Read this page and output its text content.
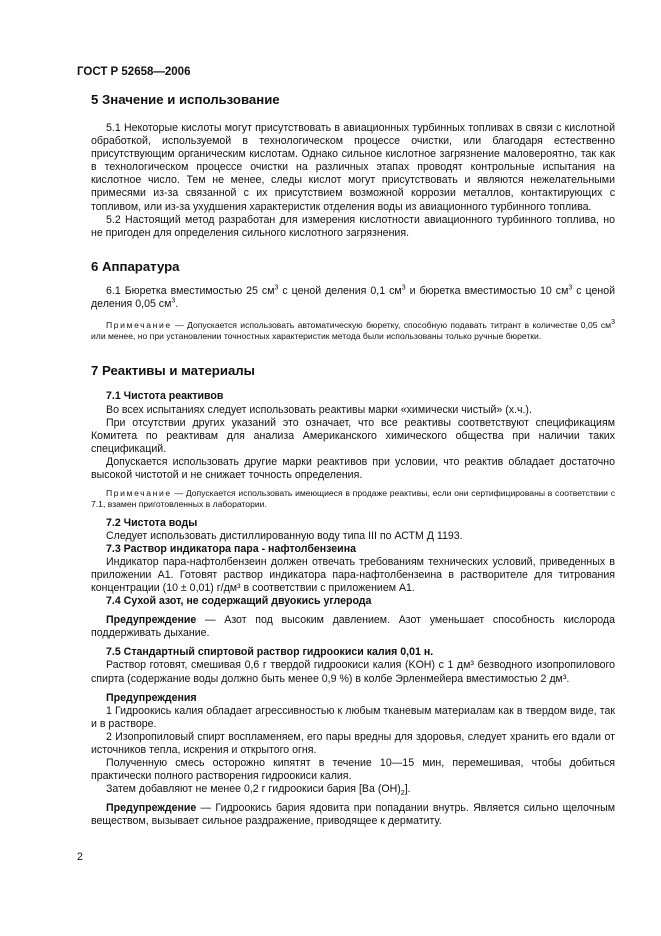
ГОСТ Р 52658—2006
5 Значение и использование

5.1 Некоторые кислоты могут присутствовать в авиационных турбинных топливах в связи с кислотной обработкой, используемой в технологическом процессе очистки, или благодаря естественно присутствующим органическим кислотам. Однако сильное кислотное загрязнение маловероятно, так как в технологическом процессе очистки на различных этапах проводят контрольные испытания на кислотное число. Тем не менее, следы кислот могут присутствовать и являются нежелательными примесями из-за связанной с их присутствием возможной коррозии металлов, контактирующих с топливом, или из-за ухудшения характеристик отделения воды из авиационного турбинного топлива.

5.2 Настоящий метод разработан для измерения кислотности авиационного турбинного топлива, но не пригоден для определения сильного кислотного загрязнения.

6 Аппаратура

6.1 Бюретка вместимостью 25 $см^3$ с ценой деления 0,1 $см^3$ и бюретка вместимостью 10 $см^3$ с ценой деления 0,05 $см^3$.

Примечание — Допускается использовать автоматическую бюретку, способную подавать титрант в количестве 0,05 $см^3$ или менее, но при установлении точностных характеристик метода были использованы только ручные бюретки.

7 Реактивы и материалы
7.1 Чистота реактивов

Во всех испытаниях следует использовать реактивы марки «химически чистый» (х.ч.).

При отсутствии других указаний это означает, что все реактивы соответствуют спецификациям Комитета по реактивам для анализа Американского химического общества при наличии таких спецификаций.

Допускается использовать другие марки реактивов при условии, что реактив обладает достаточно высокой чистотой и не снижает точность определения.

Примечание — Допускается использовать имеющиеся в продаже реактивы, если они сертифицированы в соответствии с 7.1, взамен приготовленных в лаборатории.

7.2 Чистота воды

Следует использовать дистиллированную воду типа III по АСТМ Д 1193.

7.3 Раствор индикатора пара - нафтолбензеина

Индикатор пара-нафтолбензеин должен отвечать требованиям технических условий, приведенных в приложении А1. Готовят раствор индикатора пара-нафтолбензеина в растворителе для титрования концентрации (10 ± 0,01) г/дм³ в соответствии с приложением А1.

7.4 Сухой азот, не содержащий двуокись углерода

Предупреждение — Азот под высоким давлением. Азот уменьшает способность кислорода поддерживать дыхание.

7.5 Стандартный спиртовой раствор гидроокиси калия 0,01 н.

Раствор готовят, смешивая 0,6 г твердой гидроокиси калия (KOH) с 1 дм³ безводного изопропилового спирта (содержание воды должно быть менее 0,9 %) в колбе Эрленмейера вместимостью 2 дм³.

Предупреждения

1 Гидроокись калия обладает агрессивностью к любым тканевым материалам как в твердом виде, так и в растворе.

2 Изопропиловый спирт воспламеняем, его пары вредны для здоровья, следует хранить его вдали от источников тепла, искрения и открытого огня.

Полученную смесь осторожно кипятят в течение 10—15 мин, перемешивая, чтобы добиться практически полного растворения гидроокиси калия.

Затем добавляют не менее 0,2 г гидроокиси бария [Ba $(OH)_2$].

Предупреждение — Гидроокись бария ядовита при попадании внутрь. Является сильно щелочным веществом, вызывает сильное раздражение, приводящее к дерматиту.

2
